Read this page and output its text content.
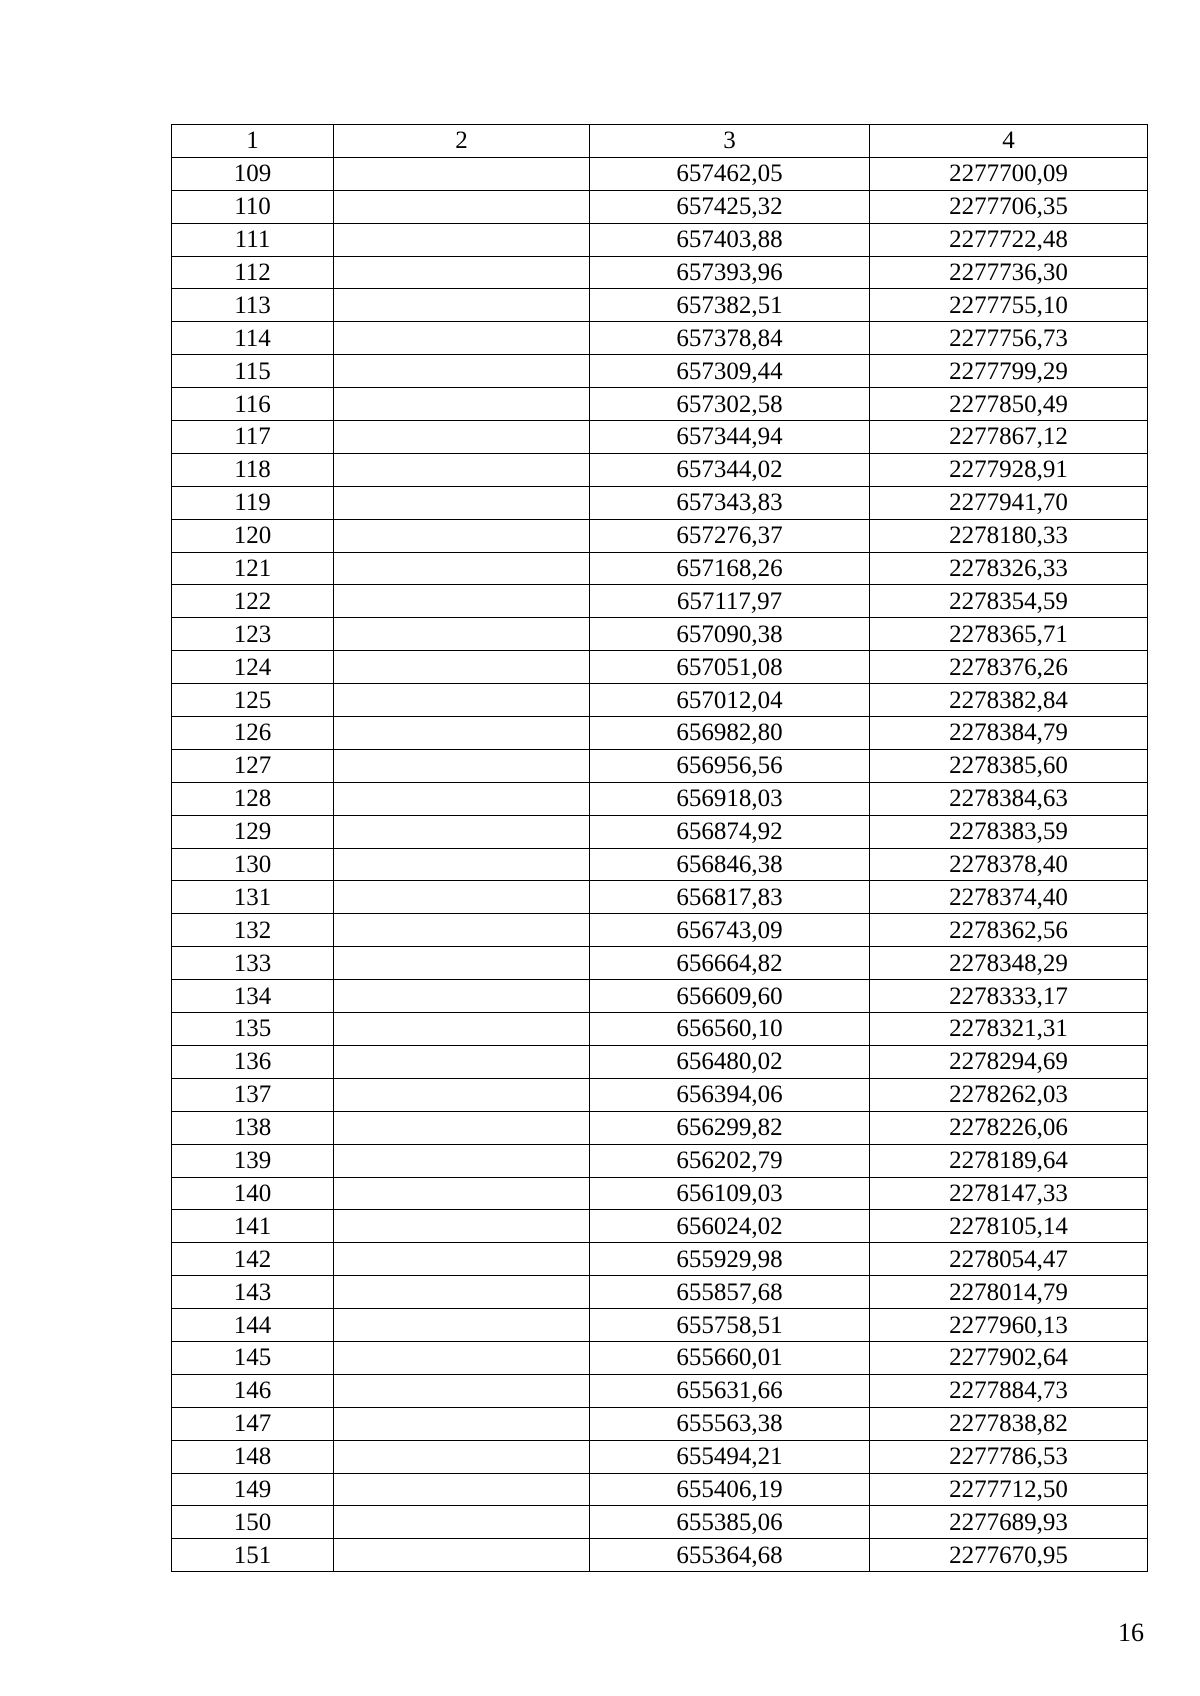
1	2	3	4
109		657462,05	2277700,09
110		657425,32	2277706,35
111		657403,88	2277722,48
112		657393,96	2277736,30
113		657382,51	2277755,10
114		657378,84	2277756,73
115		657309,44	2277799,29
116		657302,58	2277850,49
117		657344,94	2277867,12
118		657344,02	2277928,91
119		657343,83	2277941,70
120		657276,37	2278180,33
121		657168,26	2278326,33
122		657117,97	2278354,59
123		657090,38	2278365,71
124		657051,08	2278376,26
125		657012,04	2278382,84
126		656982,80	2278384,79
127		656956,56	2278385,60
128		656918,03	2278384,63
129		656874,92	2278383,59
130		656846,38	2278378,40
131		656817,83	2278374,40
132		656743,09	2278362,56
133		656664,82	2278348,29
134		656609,60	2278333,17
135		656560,10	2278321,31
136		656480,02	2278294,69
137		656394,06	2278262,03
138		656299,82	2278226,06
139		656202,79	2278189,64
140		656109,03	2278147,33
141		656024,02	2278105,14
142		655929,98	2278054,47
143		655857,68	2278014,79
144		655758,51	2277960,13
145		655660,01	2277902,64
146		655631,66	2277884,73
147		655563,38	2277838,82
148		655494,21	2277786,53
149		655406,19	2277712,50
150		655385,06	2277689,93
151		655364,68	2277670,95
16
